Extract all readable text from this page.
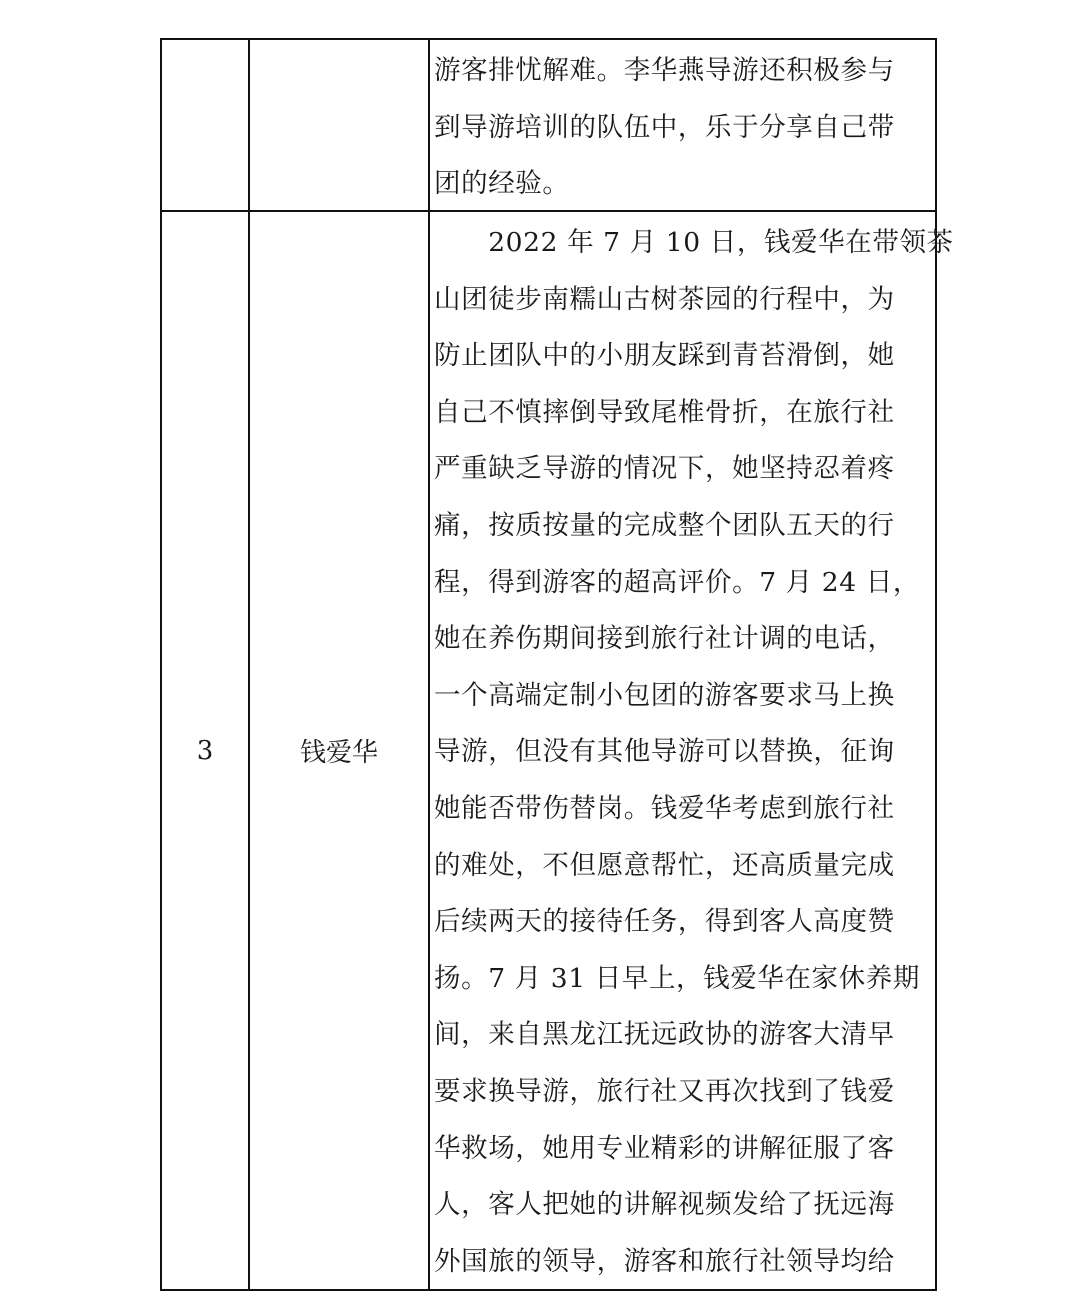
游客排忧解难。李华燕导游还积极参与
到导游培训的队伍中，乐于分享自己带
团的经验。
3	钱爱华
　　2022 年 7 月 10 日，钱爱华在带领茶
山团徒步南糯山古树茶园的行程中，为
防止团队中的小朋友踩到青苔滑倒，她
自己不慎摔倒导致尾椎骨折，在旅行社
严重缺乏导游的情况下，她坚持忍着疼
痛，按质按量的完成整个团队五天的行
程，得到游客的超高评价。7 月 24 日，
她在养伤期间接到旅行社计调的电话，
一个高端定制小包团的游客要求马上换
导游，但没有其他导游可以替换，征询
她能否带伤替岗。钱爱华考虑到旅行社
的难处，不但愿意帮忙，还高质量完成
后续两天的接待任务，得到客人高度赞
扬。7 月 31 日早上，钱爱华在家休养期
间，来自黑龙江抚远政协的游客大清早
要求换导游，旅行社又再次找到了钱爱
华救场，她用专业精彩的讲解征服了客
人，客人把她的讲解视频发给了抚远海
外国旅的领导，游客和旅行社领导均给
